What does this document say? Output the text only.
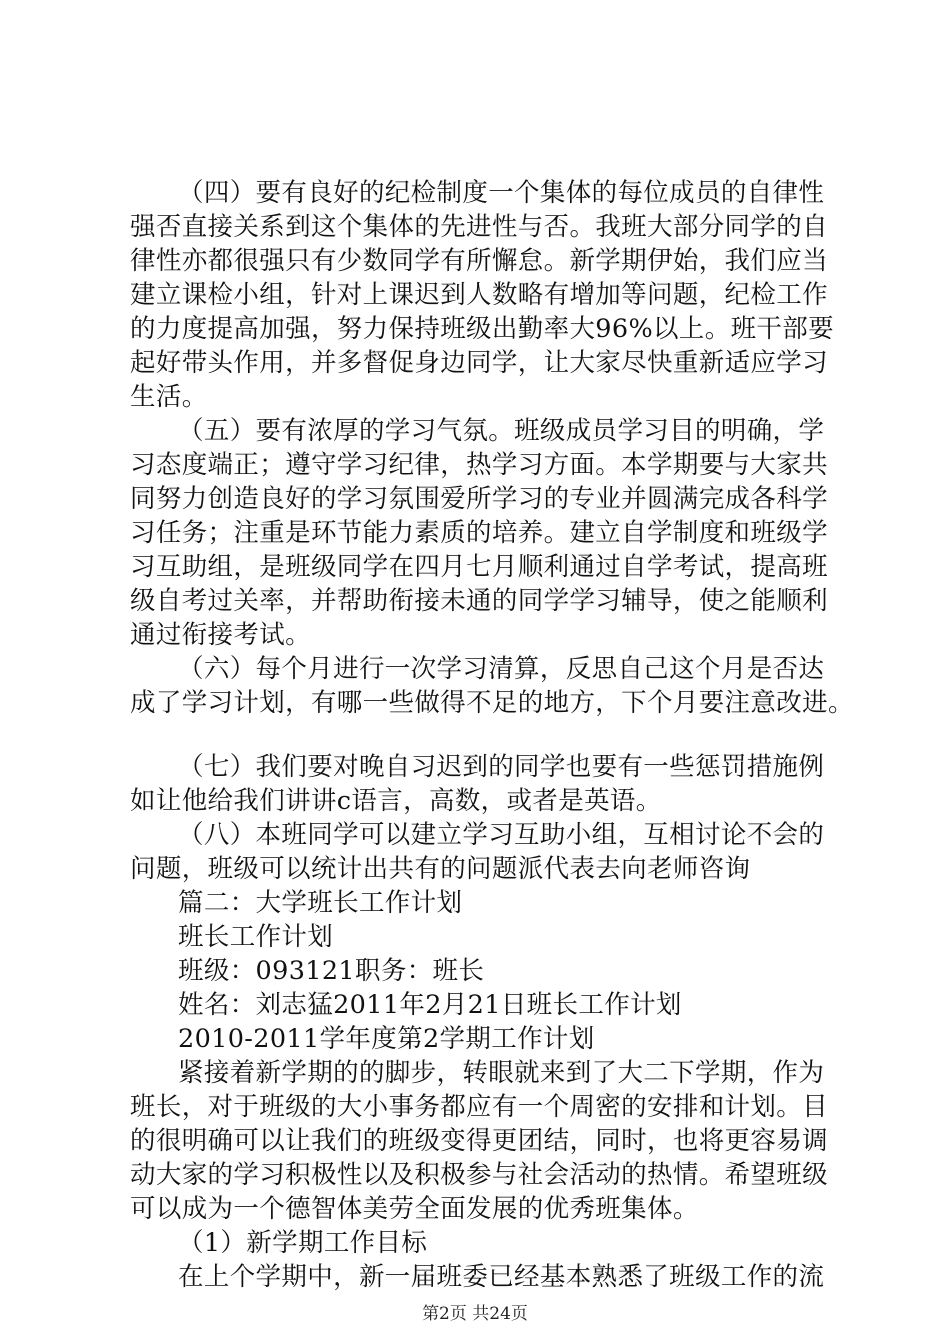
（四）要有良好的纪检制度一个集体的每位成员的自律性
强否直接关系到这个集体的先进性与否。我班大部分同学的自
律性亦都很强只有少数同学有所懈怠。新学期伊始，我们应当
建立课检小组，针对上课迟到人数略有增加等问题，纪检工作
的力度提高加强，努力保持班级出勤率大96%以上。班干部要
起好带头作用，并多督促身边同学，让大家尽快重新适应学习
生活。
（五）要有浓厚的学习气氛。班级成员学习目的明确，学
习态度端正；遵守学习纪律，热学习方面。本学期要与大家共
同努力创造良好的学习氛围爱所学习的专业并圆满完成各科学
习任务；注重是环节能力素质的培养。建立自学制度和班级学
习互助组，是班级同学在四月七月顺利通过自学考试，提高班
级自考过关率，并帮助衔接未通的同学学习辅导，使之能顺利
通过衔接考试。
（六）每个月进行一次学习清算，反思自己这个月是否达
成了学习计划，有哪一些做得不足的地方，下个月要注意改进。
（七）我们要对晚自习迟到的同学也要有一些惩罚措施例
如让他给我们讲讲c语言，高数，或者是英语。
（八）本班同学可以建立学习互助小组，互相讨论不会的
问题，班级可以统计出共有的问题派代表去向老师咨询
篇二：大学班长工作计划
班长工作计划
班级：093121职务：班长
姓名：刘志猛2011年2月21日班长工作计划
2010-2011学年度第2学期工作计划
紧接着新学期的的脚步，转眼就来到了大二下学期，作为
班长，对于班级的大小事务都应有一个周密的安排和计划。目
的很明确可以让我们的班级变得更团结，同时，也将更容易调
动大家的学习积极性以及积极参与社会活动的热情。希望班级
可以成为一个德智体美劳全面发展的优秀班集体。
（1）新学期工作目标
在上个学期中，新一届班委已经基本熟悉了班级工作的流
第2页 共24页
